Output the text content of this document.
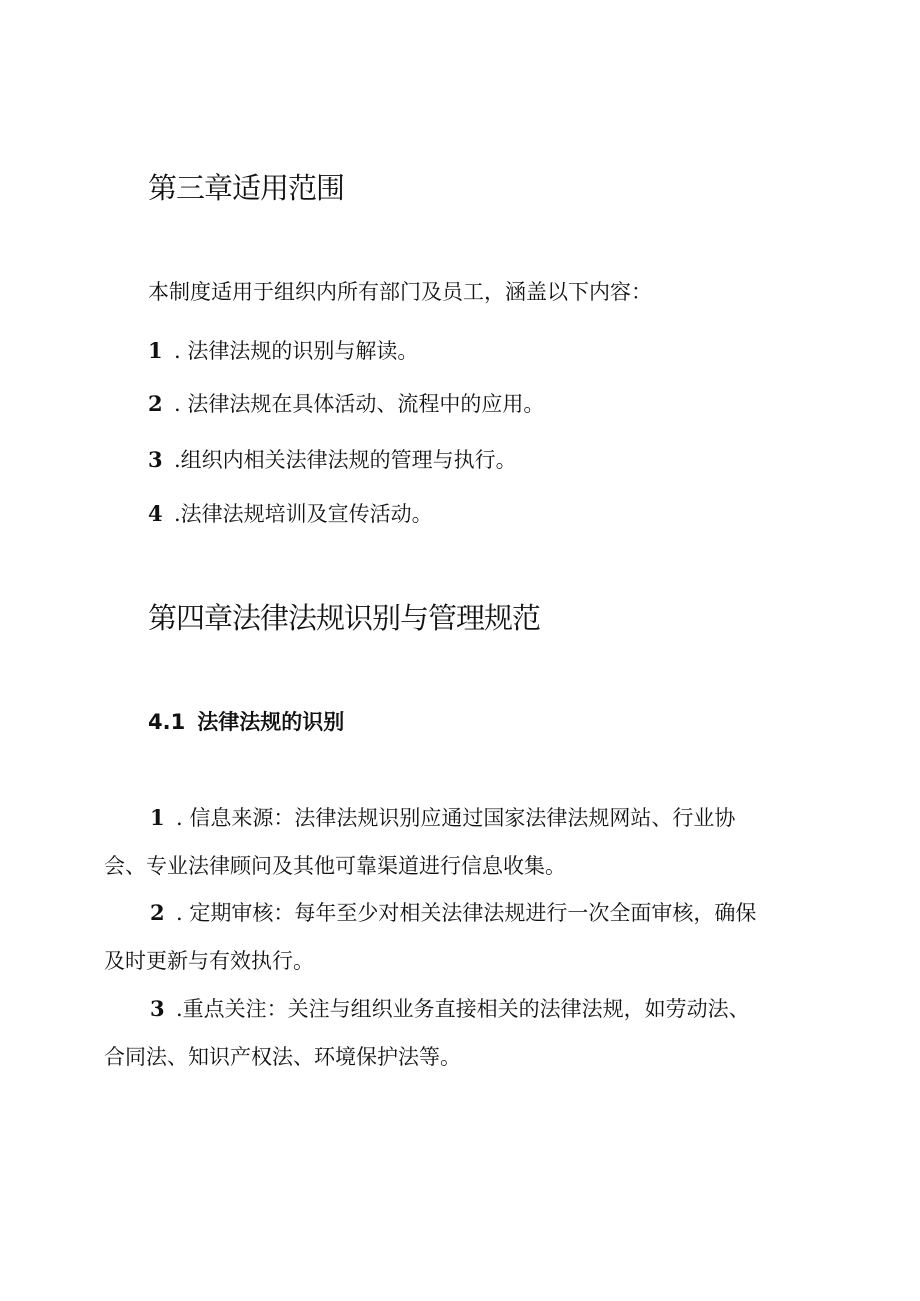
第三章适用范围

本制度适用于组织内所有部门及员工，涵盖以下内容：

1 . 法律法规的识别与解读。

2 . 法律法规在具体活动、流程中的应用。

3 .组织内相关法律法规的管理与执行。

4 .法律法规培训及宣传活动。

第四章法律法规识别与管理规范
4.1 法律法规的识别
1 . 信息来源：法律法规识别应通过国家法律法规网站、行业协
会、专业法律顾问及其他可靠渠道进行信息收集。
2 . 定期审核：每年至少对相关法律法规进行一次全面审核，确保
及时更新与有效执行。
3 .重点关注：关注与组织业务直接相关的法律法规，如劳动法、
合同法、知识产权法、环境保护法等。
